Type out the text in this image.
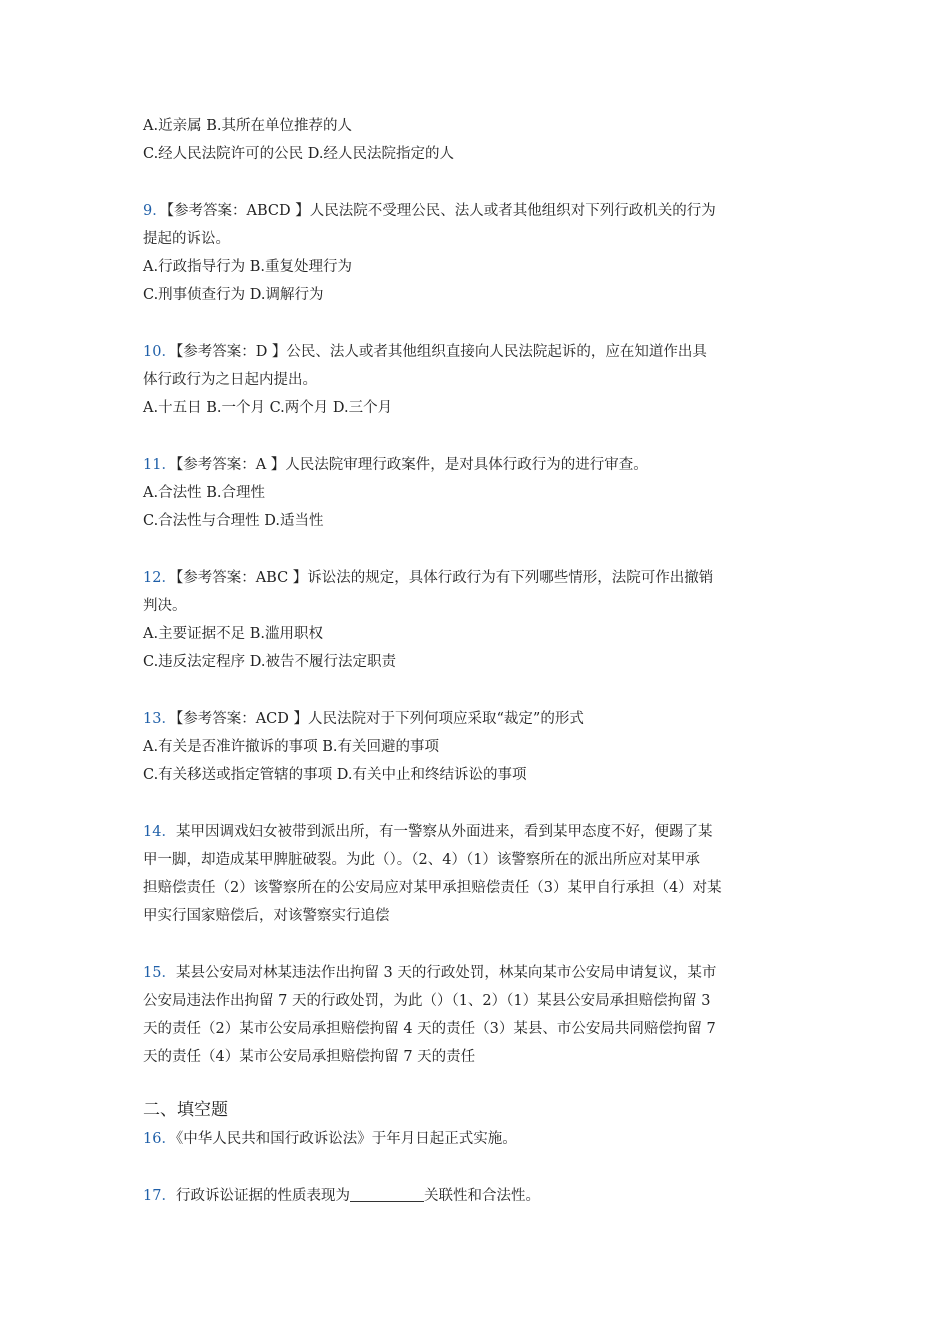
A.近亲属 B.其所在单位推荐的人
C.经人民法院许可的公民 D.经人民法院指定的人
9．【参考答案：ABCD 】人民法院不受理公民、法人或者其他组织对下列行政机关的行为
提起的诉讼。
A.行政指导行为 B.重复处理行为
C.刑事侦查行为 D.调解行为
10．【参考答案：D 】公民、法人或者其他组织直接向人民法院起诉的，应在知道作出具
体行政行为之日起内提出。
A.十五日 B.一个月 C.两个月 D.三个月
11．【参考答案：A 】人民法院审理行政案件，是对具体行政行为的进行审查。
A.合法性 B.合理性
C.合法性与合理性 D.适当性
12．【参考答案：ABC 】诉讼法的规定，具体行政行为有下列哪些情形，法院可作出撤销
判决。
A.主要证据不足 B.滥用职权
C.违反法定程序 D.被告不履行法定职责
13．【参考答案：ACD 】人民法院对于下列何项应采取“裁定”的形式
A.有关是否准许撤诉的事项 B.有关回避的事项
C.有关移送或指定管辖的事项 D.有关中止和终结诉讼的事项
14．某甲因调戏妇女被带到派出所，有一警察从外面进来，看到某甲态度不好，便踢了某
甲一脚，却造成某甲脾脏破裂。为此（）。（2、4）（1）该警察所在的派出所应对某甲承
担赔偿责任（2）该警察所在的公安局应对某甲承担赔偿责任（3）某甲自行承担（4）对某
甲实行国家赔偿后，对该警察实行追偿
15．某县公安局对林某违法作出拘留 3 天的行政处罚，林某向某市公安局申请复议，某市
公安局违法作出拘留 7 天的行政处罚，为此（）（1、2）（1）某县公安局承担赔偿拘留 3
天的责任（2）某市公安局承担赔偿拘留 4 天的责任（3）某县、市公安局共同赔偿拘留 7
天的责任（4）某市公安局承担赔偿拘留 7 天的责任
二、填空题
16．《中华人民共和国行政诉讼法》于年月日起正式实施。
17．行政诉讼证据的性质表现为	关联性和合法性。
